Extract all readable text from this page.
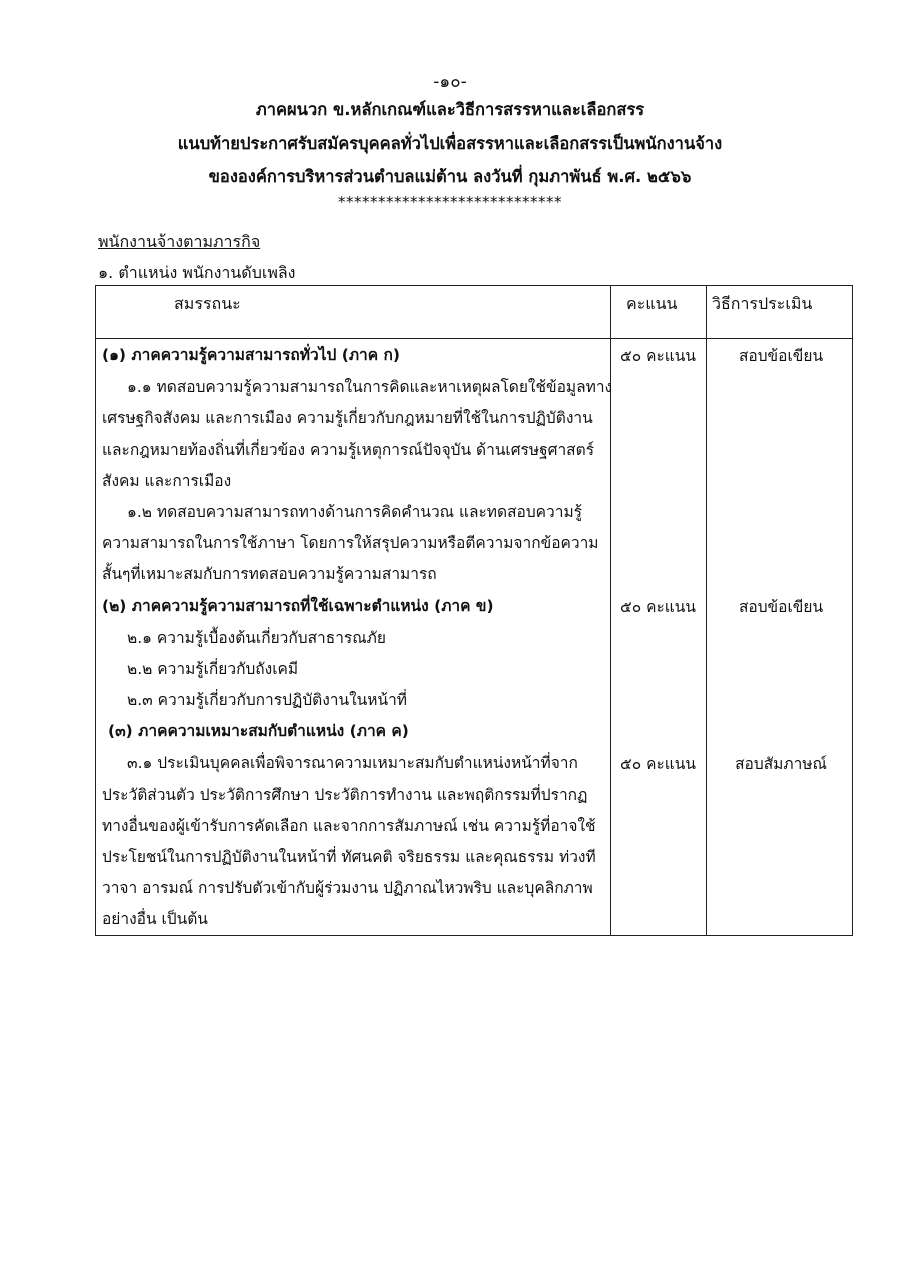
-๑๐-
ภาคผนวก ข.หลักเกณฑ์และวิธีการสรรหาและเลือกสรร
แนบท้ายประกาศรับสมัครบุคคลทั่วไปเพื่อสรรหาและเลือกสรรเป็นพนักงานจ้าง
ขององค์การบริหารส่วนตำบลแม่ต้าน ลงวันที่ กุมภาพันธ์ พ.ศ. ๒๕๖๖
****************************
พนักงานจ้างตามภารกิจ
๑. ตำแหน่ง พนักงานดับเพลิง
สมรรถนะ	คะแนน วิธีการประเมิน
(๑) ภาคความรู้ความสามารถทั่วไป (ภาค ก)
๑.๑ ทดสอบความรู้ความสามารถในการคิดและหาเหตุผลโดยใช้ข้อมูลทาง
เศรษฐกิจสังคม และการเมือง ความรู้เกี่ยวกับกฎหมายที่ใช้ในการปฏิบัติงาน
และกฎหมายท้องถิ่นที่เกี่ยวข้อง ความรู้เหตุการณ์ปัจจุบัน ด้านเศรษฐศาสตร์
สังคม และการเมือง
๑.๒ ทดสอบความสามารถทางด้านการคิดคำนวณ และทดสอบความรู้
ความสามารถในการใช้ภาษา โดยการให้สรุปความหรือตีความจากข้อความ
สั้นๆที่เหมาะสมกับการทดสอบความรู้ความสามารถ
(๒) ภาคความรู้ความสามารถที่ใช้เฉพาะตำแหน่ง (ภาค ข)
๒.๑ ความรู้เบื้องต้นเกี่ยวกับสาธารณภัย
๒.๒ ความรู้เกี่ยวกับถังเคมี
๒.๓ ความรู้เกี่ยวกับการปฏิบัติงานในหน้าที่
(๓) ภาคความเหมาะสมกับตำแหน่ง (ภาค ค)
๓.๑ ประเมินบุคคลเพื่อพิจารณาความเหมาะสมกับตำแหน่งหน้าที่จาก
ประวัติส่วนตัว ประวัติการศึกษา ประวัติการทำงาน และพฤติกรรมที่ปรากฏ
ทางอื่นของผู้เข้ารับการคัดเลือก และจากการสัมภาษณ์ เช่น ความรู้ที่อาจใช้
ประโยชน์ในการปฏิบัติงานในหน้าที่ ทัศนคติ จริยธรรม และคุณธรรม ท่วงที
วาจา อารมณ์ การปรับตัวเข้ากับผู้ร่วมงาน ปฏิภาณไหวพริบ และบุคลิกภาพ
อย่างอื่น เป็นต้น
๕๐ คะแนน
๕๐ คะแนน
๕๐ คะแนน
สอบข้อเขียน
สอบข้อเขียน
สอบสัมภาษณ์
